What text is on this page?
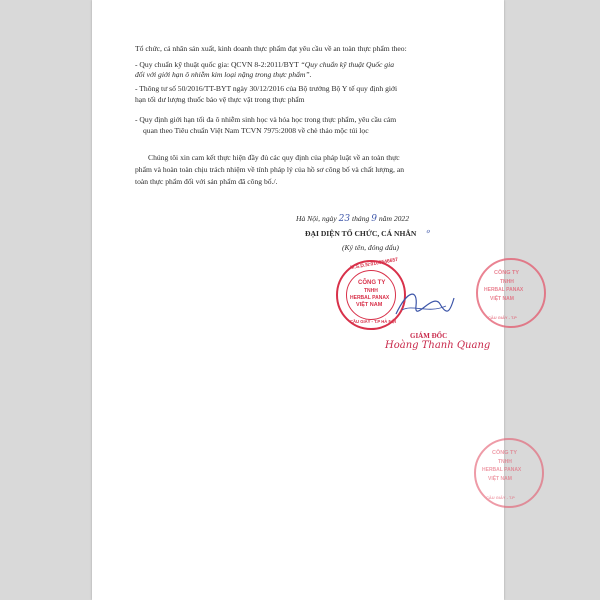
Tổ chức, cá nhân sản xuất, kinh doanh thực phẩm đạt yêu cầu về an toàn thực phẩm theo:
- Quy chuẩn kỹ thuật quốc gia: QCVN 8-2:2011/BYT “Quy chuẩn kỹ thuật Quốc gia
đối với giới hạn ô nhiễm kim loại nặng trong thực phẩm”.
- Thông tư số 50/2016/TT-BYT ngày 30/12/2016 của Bộ trưởng Bộ Y tế quy định giới
hạn tối dư lượng thuốc bảo vệ thực vật trong thực phẩm
- Quy định giới hạn tối đa ô nhiễm sinh học và hóa học trong thực phẩm, yêu cầu cảm
quan theo Tiêu chuẩn Việt Nam TCVN 7975:2008 về chè thảo mộc túi lọc
Chúng tôi xin cam kết thực hiện đầy đủ các quy định của pháp luật về an toàn thực
phẩm và hoàn toàn chịu trách nhiệm về tính pháp lý của hồ sơ công bố và chất lượng, an
toàn thực phẩm đối với sản phẩm đã công bố./.
Hà Nội, ngày 23 tháng 9 năm 2022
ĐẠI DIỆN TỔ CHỨC, CÁ NHÂN ℴ
(Ký tên, đóng dấu)
M.S.D.N:0109546657
CÔNG TY
TNHH
HERBAL PANAX
VIỆT NAM
CẦU GIẤY - T.P HÀ NỘI
GIÁM ĐỐC
Hoàng Thanh Quang
CÔNG TY
TNHH
HERBAL PANAX
VIỆT NAM
CẦU GIẤY - T.P
CÔNG TY
TNHH
HERBAL PANAX
VIỆT NAM
CẦU GIẤY - T.P
